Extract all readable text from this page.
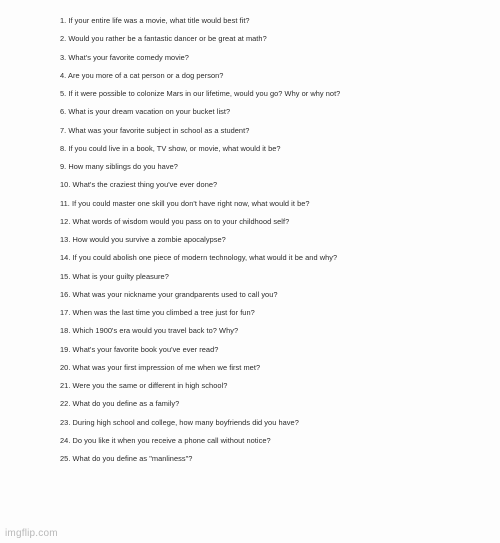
1. If your entire life was a movie, what title would best fit?
2. Would you rather be a fantastic dancer or be great at math?
3. What's your favorite comedy movie?
4. Are you more of a cat person or a dog person?
5. If it were possible to colonize Mars in our lifetime, would you go? Why or why not?
6. What is your dream vacation on your bucket list?
7. What was your favorite subject in school as a student?
8. If you could live in a book, TV show, or movie, what would it be?
9. How many siblings do you have?
10. What's the craziest thing you've ever done?
11. If you could master one skill you don't have right now, what would it be?
12. What words of wisdom would you pass on to your childhood self?
13. How would you survive a zombie apocalypse?
14. If you could abolish one piece of modern technology, what would it be and why?
15. What is your guilty pleasure?
16. What was your nickname your grandparents used to call you?
17. When was the last time you climbed a tree just for fun?
18. Which 1900's era would you travel back to? Why?
19. What's your favorite book you've ever read?
20. What was your first impression of me when we first met?
21. Were you the same or different in high school?
22. What do you define as a family?
23. During high school and college, how many boyfriends did you have?
24. Do you like it when you receive a phone call without notice?
25. What do you define as "manliness"?
imgflip.com
